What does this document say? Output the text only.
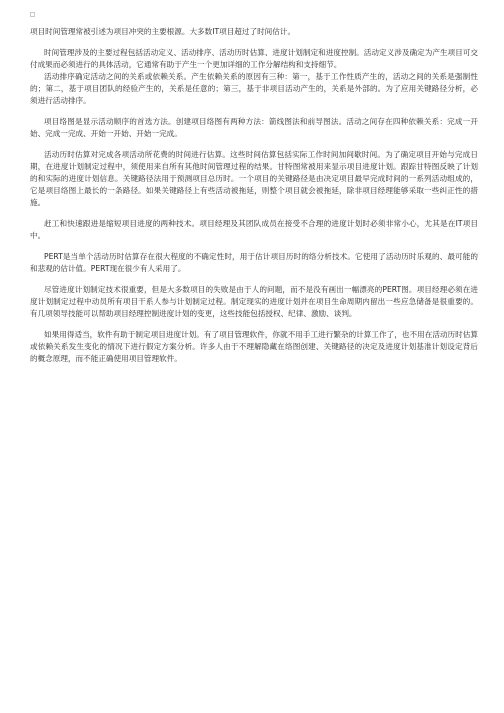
项目时间管理常被引述为项目冲突的主要根源。大多数IT项目超过了时间估计。

时间管理涉及的主要过程包括活动定义、活动排序、活动历时估算、进度计划制定和进度控制。活动定义涉及确定为产生项目可交付成果而必须进行的具体活动，它通常有助于产生一个更加详细的工作分解结构和支持细节。

活动排序确定活动之间的关系或依赖关系。产生依赖关系的原因有三种：第一，基于工作性质产生的，活动之间的关系是强制性的；第二，基于项目团队的经验产生的，关系是任意的；第三，基于非项目活动产生的，关系是外部的。为了应用关键路径分析，必须进行活动排序。

项目络图是显示活动顺序的首选方法。创建项目络图有两种方法：箭线图法和前导图法。活动之间存在四种依赖关系：完成一开始、完成一完成、开始一开始、开始一完成。

活动历时估算对完成各项活动所花费的时间进行估算。这些时间估算包括实际工作时间加间歇时间。为了确定项目开始与完成日期，在进度计划制定过程中，须使用来自所有其他时间管理过程的结果。甘特图常被用来显示项目进度计划。跟踪甘特图反映了计划的和实际的进度计划信息。关键路径法用于预测项目总历时。一个项目的关键路径是由决定项目最早完成时间的一系列活动组成的，它是项目络图上最长的一条路径。如果关键路径上有些活动被拖延，则整个项目就会被拖延，除非项目经理能够采取一些纠正性的措施。

赶工和快速跟进是缩短项目进度的两种技术。项目经理及其团队成员在接受不合理的进度计划时必须非常小心，尤其是在IT项目中。

PERT是当单个活动历时估算存在很大程度的不确定性时，用于估计项目历时的络分析技术。它使用了活动历时乐观的、最可能的和悲观的估计值。PERT现在很少有人采用了。

尽管进度计划制定技术很重要，但是大多数项目的失败是由于人的问题，而不是没有画出一幅漂亮的PERT图。项目经理必须在进度计划制定过程中动员所有项目干系人参与计划制定过程。制定现实的进度计划并在项目生命周期内留出一些应急储备是很重要的。有几项领导技能可以帮助项目经理控制进度计划的变更，这些技能包括授权、纪律、激励、谈判。

如果用得适当，软件有助于制定项目进度计划。有了项目管理软件，你就不用手工进行繁杂的计算工作了，也不用在活动历时估算或依赖关系发生变化的情况下进行假定方案分析。许多人由于不理解隐藏在络图创建、关键路径的决定及进度计划基准计划设定背后的概念原理，而不能正确使用项目管理软件。
